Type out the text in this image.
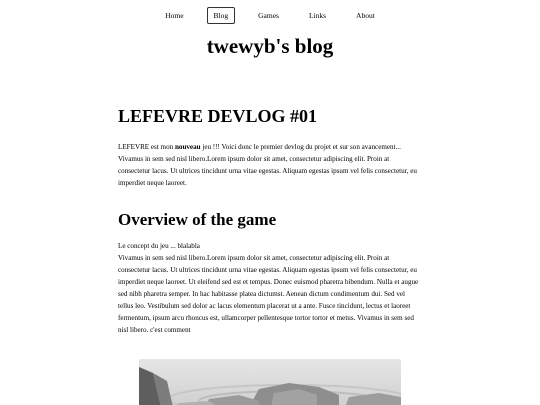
Home	Blog	Games	Links	About
twewyb's blog
LEFEVRE DEVLOG #01

LEFEVRE est mon nouveau jeu !!! Voici donc le premier devlog du projet et sur son avancement... Vivamus in sem sed nisl libero.Lorem ipsum dolor sit amet, consectetur adipiscing elit. Proin at consectetur lacus. Ut ultrices tincidunt urna vitae egestas. Aliquam egestas ipsum vel felis consectetur, eu imperdiet neque laoreet.

Overview of the game

Le concept du jeu ... blalabla
Vivamus in sem sed nisl libero.Lorem ipsum dolor sit amet, consectetur adipiscing elit. Proin at consectetur lacus. Ut ultrices tincidunt urna vitae egestas. Aliquam egestas ipsum vel felis consectetur, eu imperdiet neque laoreet. Ut eleifend sed est et tempus. Donec euismod pharetra bibendum. Nulla et augue sed nibh pharetra semper. In hac habitasse platea dictumst. Aenean dictum condimentum dui. Sed vel tellus leo. Vestibulum sed dolor ac lacus elementum placerat ut a ante. Fusce tincidunt, lectus et laoreet fermentum, ipsum arcu rhoncus est, ullamcorper pellentesque tortor tortor et metus. Vivamus in sem sed nisl libero. c'est comment
